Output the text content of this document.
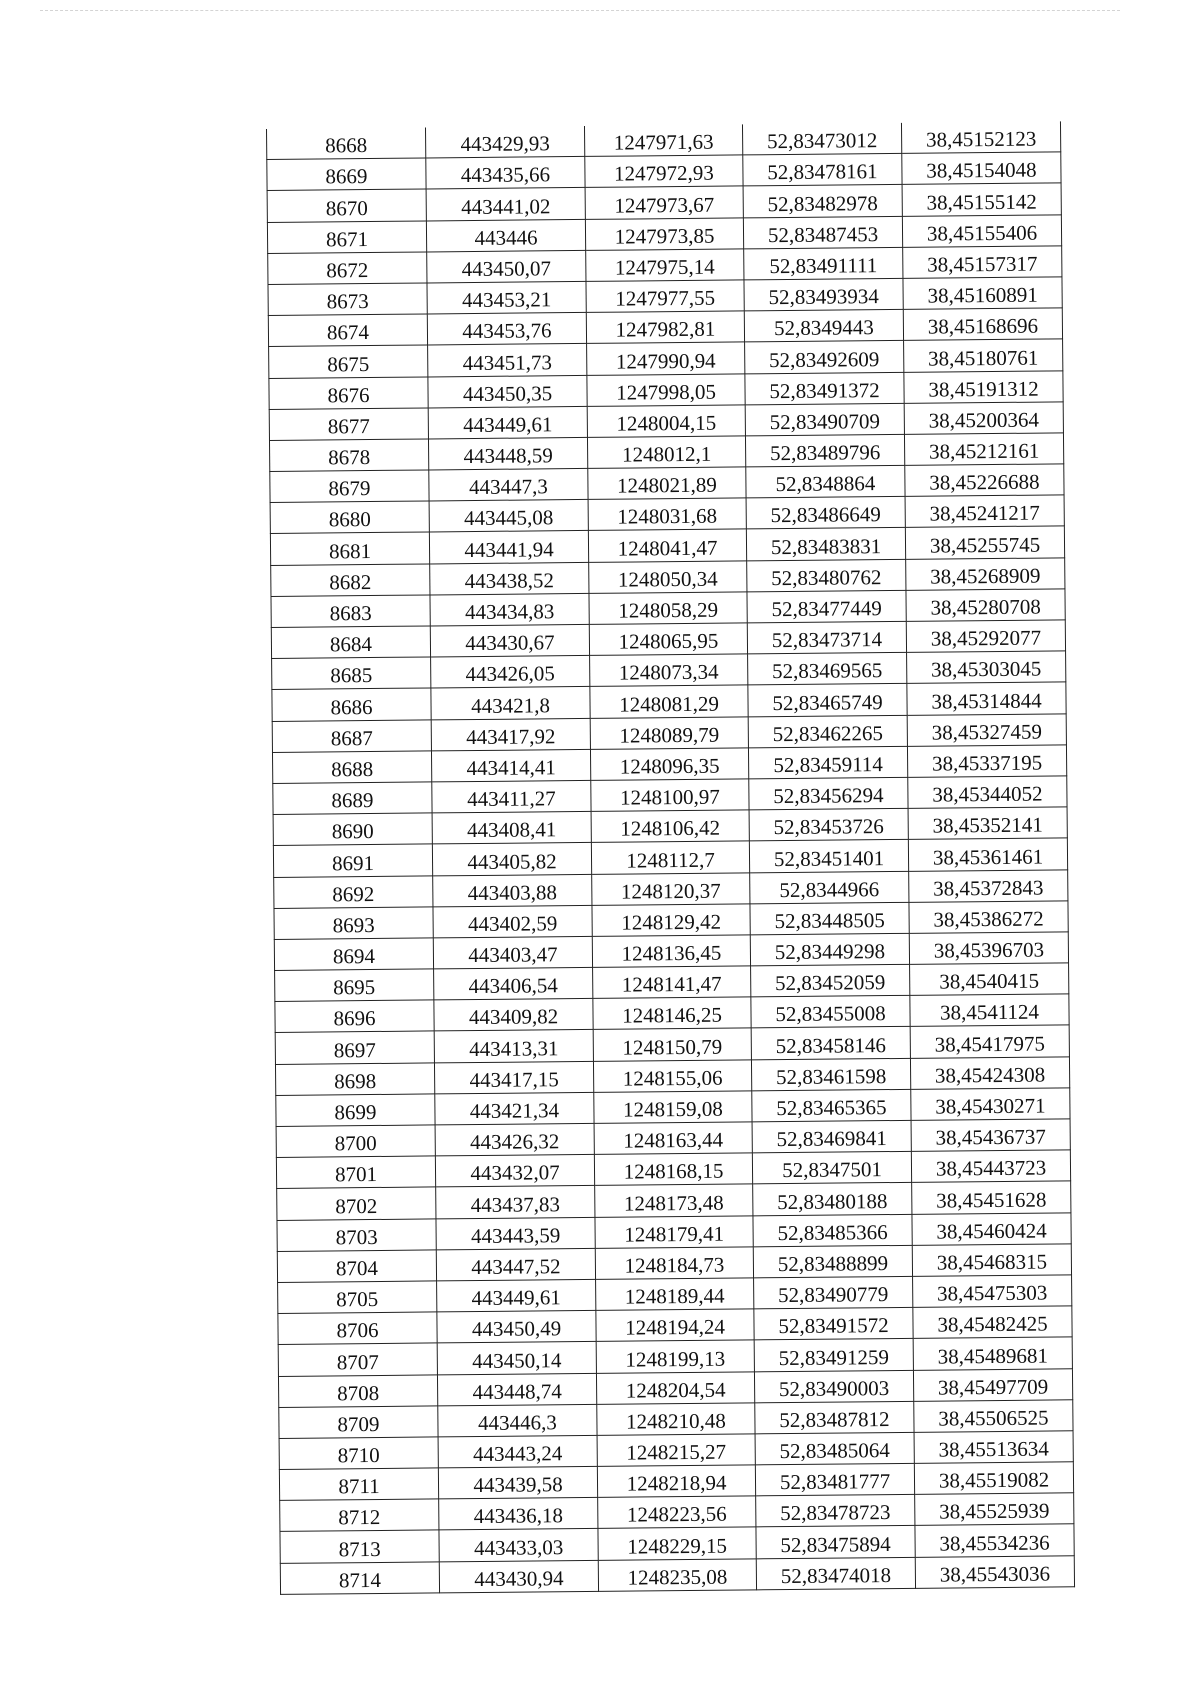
8668	443429,93	1247971,63	52,83473012	38,45152123
8669	443435,66	1247972,93	52,83478161	38,45154048
8670	443441,02	1247973,67	52,83482978	38,45155142
8671	443446	1247973,85	52,83487453	38,45155406
8672	443450,07	1247975,14	52,83491111	38,45157317
8673	443453,21	1247977,55	52,83493934	38,45160891
8674	443453,76	1247982,81	52,8349443	38,45168696
8675	443451,73	1247990,94	52,83492609	38,45180761
8676	443450,35	1247998,05	52,83491372	38,45191312
8677	443449,61	1248004,15	52,83490709	38,45200364
8678	443448,59	1248012,1	52,83489796	38,45212161
8679	443447,3	1248021,89	52,8348864	38,45226688
8680	443445,08	1248031,68	52,83486649	38,45241217
8681	443441,94	1248041,47	52,83483831	38,45255745
8682	443438,52	1248050,34	52,83480762	38,45268909
8683	443434,83	1248058,29	52,83477449	38,45280708
8684	443430,67	1248065,95	52,83473714	38,45292077
8685	443426,05	1248073,34	52,83469565	38,45303045
8686	443421,8	1248081,29	52,83465749	38,45314844
8687	443417,92	1248089,79	52,83462265	38,45327459
8688	443414,41	1248096,35	52,83459114	38,45337195
8689	443411,27	1248100,97	52,83456294	38,45344052
8690	443408,41	1248106,42	52,83453726	38,45352141
8691	443405,82	1248112,7	52,83451401	38,45361461
8692	443403,88	1248120,37	52,8344966	38,45372843
8693	443402,59	1248129,42	52,83448505	38,45386272
8694	443403,47	1248136,45	52,83449298	38,45396703
8695	443406,54	1248141,47	52,83452059	38,4540415
8696	443409,82	1248146,25	52,83455008	38,4541124
8697	443413,31	1248150,79	52,83458146	38,45417975
8698	443417,15	1248155,06	52,83461598	38,45424308
8699	443421,34	1248159,08	52,83465365	38,45430271
8700	443426,32	1248163,44	52,83469841	38,45436737
8701	443432,07	1248168,15	52,8347501	38,45443723
8702	443437,83	1248173,48	52,83480188	38,45451628
8703	443443,59	1248179,41	52,83485366	38,45460424
8704	443447,52	1248184,73	52,83488899	38,45468315
8705	443449,61	1248189,44	52,83490779	38,45475303
8706	443450,49	1248194,24	52,83491572	38,45482425
8707	443450,14	1248199,13	52,83491259	38,45489681
8708	443448,74	1248204,54	52,83490003	38,45497709
8709	443446,3	1248210,48	52,83487812	38,45506525
8710	443443,24	1248215,27	52,83485064	38,45513634
8711	443439,58	1248218,94	52,83481777	38,45519082
8712	443436,18	1248223,56	52,83478723	38,45525939
8713	443433,03	1248229,15	52,83475894	38,45534236
8714	443430,94	1248235,08	52,83474018	38,45543036
